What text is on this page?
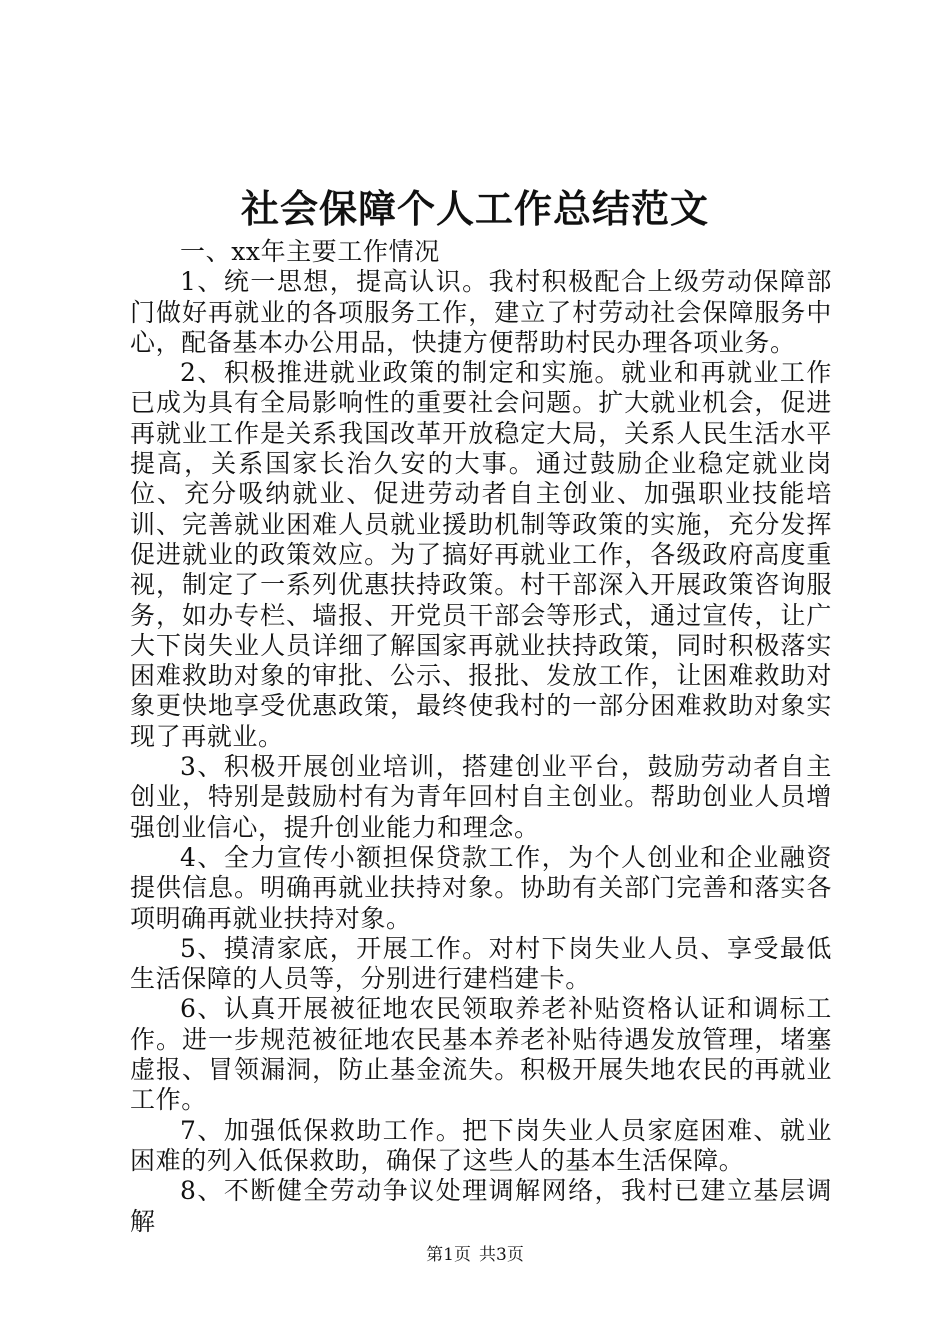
社会保障个人工作总结范文

一、xx年主要工作情况

1、统一思想，提高认识。我村积极配合上级劳动保障部门做好再就业的各项服务工作，建立了村劳动社会保障服务中心，配备基本办公用品，快捷方便帮助村民办理各项业务。

2、积极推进就业政策的制定和实施。就业和再就业工作已成为具有全局影响性的重要社会问题。扩大就业机会，促进再就业工作是关系我国改革开放稳定大局，关系人民生活水平提高，关系国家长治久安的大事。通过鼓励企业稳定就业岗位、充分吸纳就业、促进劳动者自主创业、加强职业技能培训、完善就业困难人员就业援助机制等政策的实施，充分发挥促进就业的政策效应。为了搞好再就业工作，各级政府高度重视，制定了一系列优惠扶持政策。村干部深入开展政策咨询服务，如办专栏、墙报、开党员干部会等形式，通过宣传，让广大下岗失业人员详细了解国家再就业扶持政策，同时积极落实困难救助对象的审批、公示、报批、发放工作，让困难救助对象更快地享受优惠政策，最终使我村的一部分困难救助对象实现了再就业。

3、积极开展创业培训，搭建创业平台，鼓励劳动者自主创业，特别是鼓励村有为青年回村自主创业。帮助创业人员增强创业信心，提升创业能力和理念。

4、全力宣传小额担保贷款工作，为个人创业和企业融资提供信息。明确再就业扶持对象。协助有关部门完善和落实各项明确再就业扶持对象。

5、摸清家底，开展工作。对村下岗失业人员、享受最低生活保障的人员等，分别进行建档建卡。

6、认真开展被征地农民领取养老补贴资格认证和调标工作。进一步规范被征地农民基本养老补贴待遇发放管理，堵塞虚报、冒领漏洞，防止基金流失。积极开展失地农民的再就业工作。

7、加强低保救助工作。把下岗失业人员家庭困难、就业困难的列入低保救助，确保了这些人的基本生活保障。

8、不断健全劳动争议处理调解网络，我村已建立基层调解

第1页 共3页
